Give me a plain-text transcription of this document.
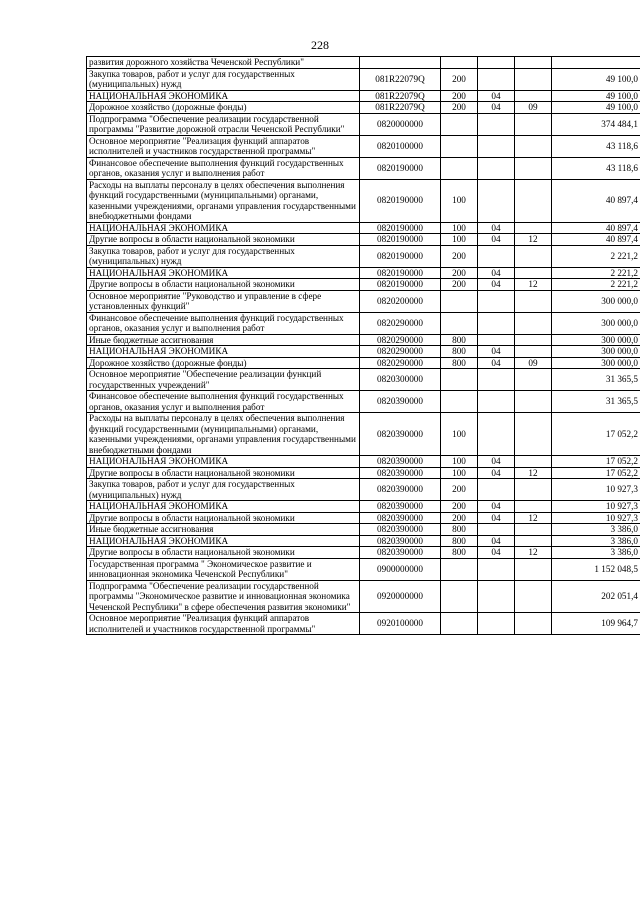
228
развития дорожного хозяйства Чеченской Республики"					
Закупка товаров, работ и услуг для государственных (муниципальных) нужд	081R22079Q	200			49 100,0
НАЦИОНАЛЬНАЯ ЭКОНОМИКА	081R22079Q	200	04		49 100,0
Дорожное хозяйство (дорожные фонды)	081R22079Q	200	04	09	49 100,0
Подпрограмма "Обеспечение реализации государственной программы "Развитие дорожной отрасли Чеченской Республики"	0820000000				374 484,1
Основное мероприятие "Реализация функций аппаратов исполнителей и участников государственной программы"	0820100000				43 118,6
Финансовое обеспечение выполнения функций государственных органов, оказания услуг и выполнения работ	0820190000				43 118,6
Расходы на выплаты персоналу в целях обеспечения выполнения функций государственными (муниципальными) органами, казенными учреждениями, органами управления государственными внебюджетными фондами	0820190000	100			40 897,4
НАЦИОНАЛЬНАЯ ЭКОНОМИКА	0820190000	100	04		40 897,4
Другие вопросы в области национальной экономики	0820190000	100	04	12	40 897,4
Закупка товаров, работ и услуг для государственных (муниципальных) нужд	0820190000	200			2 221,2
НАЦИОНАЛЬНАЯ ЭКОНОМИКА	0820190000	200	04		2 221,2
Другие вопросы в области национальной экономики	0820190000	200	04	12	2 221,2
Основное мероприятие "Руководство и управление в сфере установленных функций"	0820200000				300 000,0
Финансовое обеспечение выполнения функций государственных органов, оказания услуг и выполнения работ	0820290000				300 000,0
Иные бюджетные ассигнования	0820290000	800			300 000,0
НАЦИОНАЛЬНАЯ ЭКОНОМИКА	0820290000	800	04		300 000,0
Дорожное хозяйство (дорожные фонды)	0820290000	800	04	09	300 000,0
Основное мероприятие "Обеспечение реализации функций государственных учреждений"	0820300000				31 365,5
Финансовое обеспечение выполнения функций государственных органов, оказания услуг и выполнения работ	0820390000				31 365,5
Расходы на выплаты персоналу в целях обеспечения выполнения функций государственными (муниципальными) органами, казенными учреждениями, органами управления государственными внебюджетными фондами	0820390000	100			17 052,2
НАЦИОНАЛЬНАЯ ЭКОНОМИКА	0820390000	100	04		17 052,2
Другие вопросы в области национальной экономики	0820390000	100	04	12	17 052,2
Закупка товаров, работ и услуг для государственных (муниципальных) нужд	0820390000	200			10 927,3
НАЦИОНАЛЬНАЯ ЭКОНОМИКА	0820390000	200	04		10 927,3
Другие вопросы в области национальной экономики	0820390000	200	04	12	10 927,3
Иные бюджетные ассигнования	0820390000	800			3 386,0
НАЦИОНАЛЬНАЯ ЭКОНОМИКА	0820390000	800	04		3 386,0
Другие вопросы в области национальной экономики	0820390000	800	04	12	3 386,0
Государственная программа " Экономическое развитие и инновационная экономика Чеченской Республики"	0900000000				1 152 048,5
Подпрограмма "Обеспечение реализации государственной программы "Экономическое развитие и инновационная экономика Чеченской Республики" в сфере обеспечения развития экономики"	0920000000				202 051,4
Основное мероприятие "Реализация функций аппаратов исполнителей и участников государственной программы"	0920100000				109 964,7
